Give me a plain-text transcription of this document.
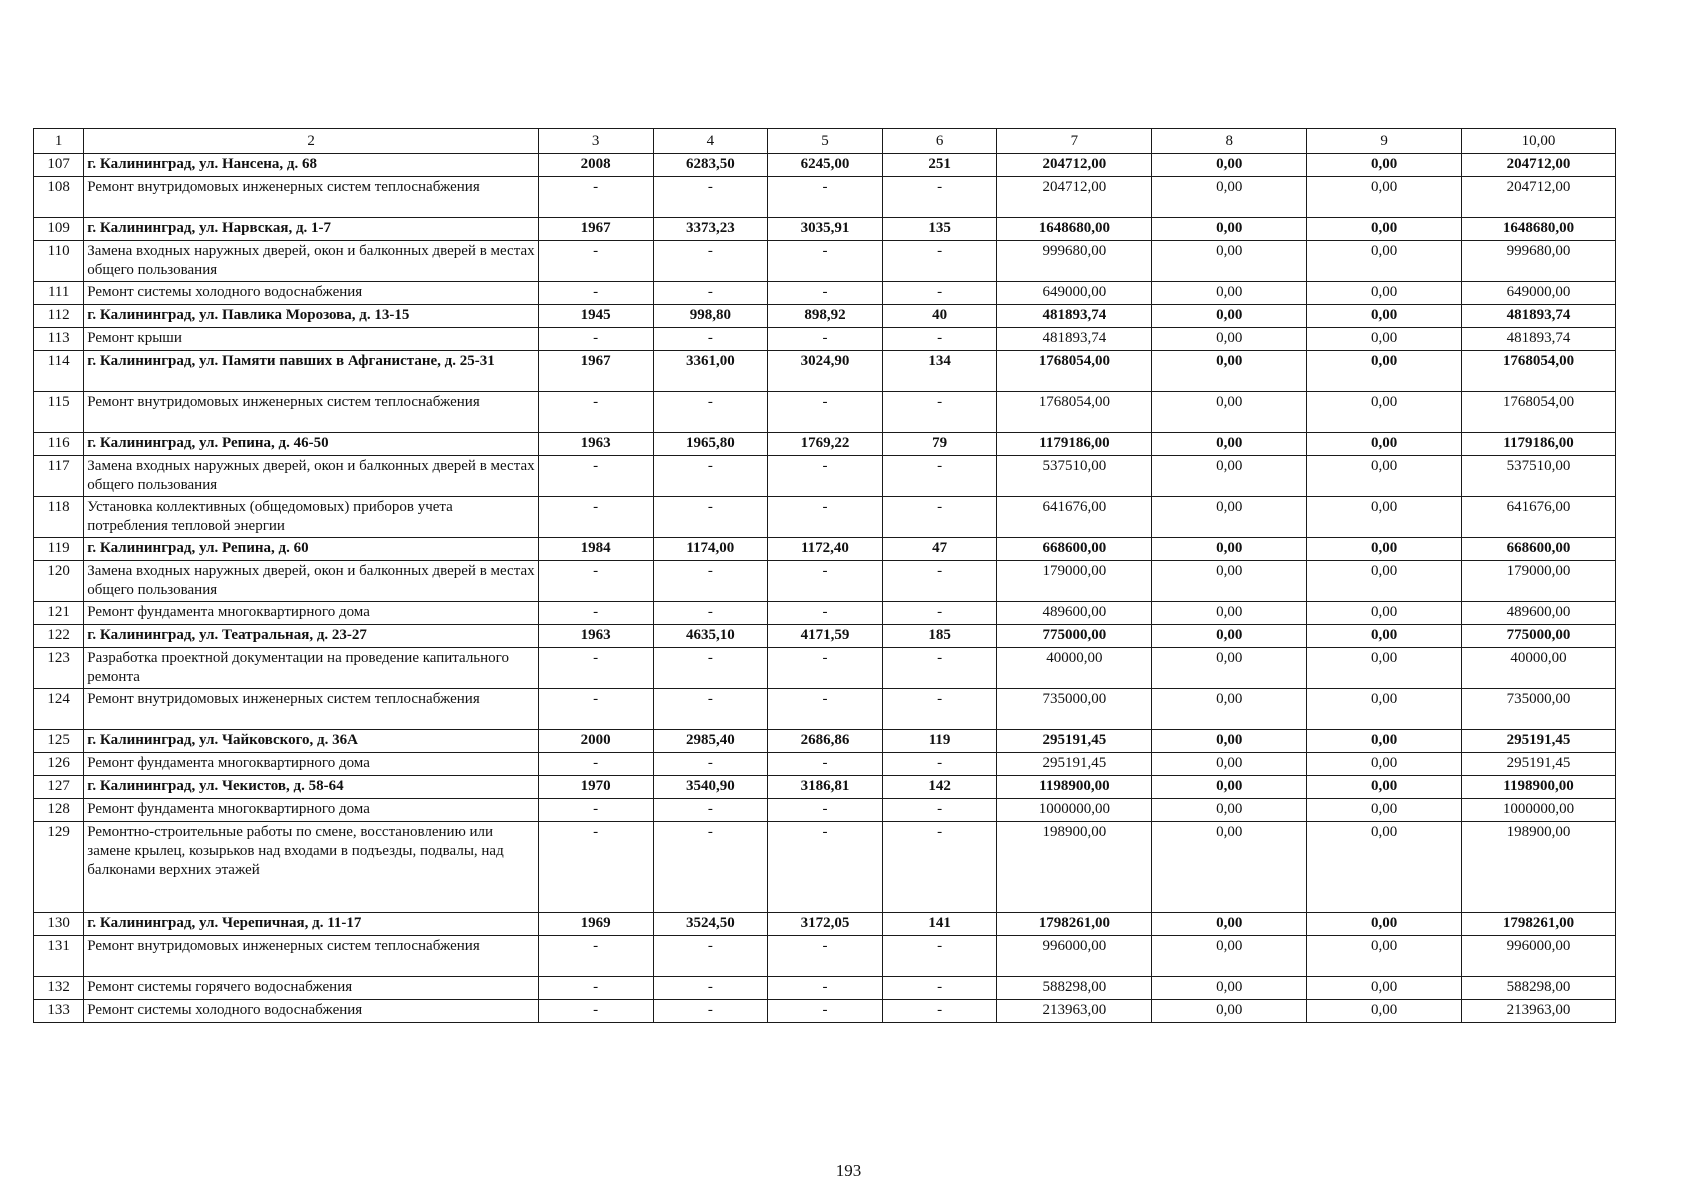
1	2	3	4	5	6	7	8	9	10,00
107	г. Калининград, ул. Нансена, д. 68	2008	6283,50	6245,00	251	204712,00	0,00	0,00	204712,00
108	Ремонт внутридомовых инженерных систем теплоснабжения	-	-	-	-	204712,00	0,00	0,00	204712,00
109	г. Калининград, ул. Нарвская, д. 1-7	1967	3373,23	3035,91	135	1648680,00	0,00	0,00	1648680,00
110	Замена входных наружных дверей, окон и балконных дверей в местах общего пользования	-	-	-	-	999680,00	0,00	0,00	999680,00
111	Ремонт системы холодного водоснабжения	-	-	-	-	649000,00	0,00	0,00	649000,00
112	г. Калининград, ул. Павлика Морозова, д. 13-15	1945	998,80	898,92	40	481893,74	0,00	0,00	481893,74
113	Ремонт крыши	-	-	-	-	481893,74	0,00	0,00	481893,74
114	г. Калининград, ул. Памяти павших в Афганистане, д. 25-31	1967	3361,00	3024,90	134	1768054,00	0,00	0,00	1768054,00
115	Ремонт внутридомовых инженерных систем теплоснабжения	-	-	-	-	1768054,00	0,00	0,00	1768054,00
116	г. Калининград, ул. Репина, д. 46-50	1963	1965,80	1769,22	79	1179186,00	0,00	0,00	1179186,00
117	Замена входных наружных дверей, окон и балконных дверей в местах общего пользования	-	-	-	-	537510,00	0,00	0,00	537510,00
118	Установка коллективных (общедомовых) приборов учета потребления тепловой энергии	-	-	-	-	641676,00	0,00	0,00	641676,00
119	г. Калининград, ул. Репина, д. 60	1984	1174,00	1172,40	47	668600,00	0,00	0,00	668600,00
120	Замена входных наружных дверей, окон и балконных дверей в местах общего пользования	-	-	-	-	179000,00	0,00	0,00	179000,00
121	Ремонт фундамента многоквартирного дома	-	-	-	-	489600,00	0,00	0,00	489600,00
122	г. Калининград, ул. Театральная, д. 23-27	1963	4635,10	4171,59	185	775000,00	0,00	0,00	775000,00
123	Разработка проектной документации на проведение капитального ремонта	-	-	-	-	40000,00	0,00	0,00	40000,00
124	Ремонт внутридомовых инженерных систем теплоснабжения	-	-	-	-	735000,00	0,00	0,00	735000,00
125	г. Калининград, ул. Чайковского, д. 36А	2000	2985,40	2686,86	119	295191,45	0,00	0,00	295191,45
126	Ремонт фундамента многоквартирного дома	-	-	-	-	295191,45	0,00	0,00	295191,45
127	г. Калининград, ул. Чекистов, д. 58-64	1970	3540,90	3186,81	142	1198900,00	0,00	0,00	1198900,00
128	Ремонт фундамента многоквартирного дома	-	-	-	-	1000000,00	0,00	0,00	1000000,00
129	Ремонтно-строительные работы по смене, восстановлению или замене крылец, козырьков над входами в подъезды, подвалы, над балконами верхних этажей	-	-	-	-	198900,00	0,00	0,00	198900,00
130	г. Калининград, ул. Черепичная, д. 11-17	1969	3524,50	3172,05	141	1798261,00	0,00	0,00	1798261,00
131	Ремонт внутридомовых инженерных систем теплоснабжения	-	-	-	-	996000,00	0,00	0,00	996000,00
132	Ремонт системы горячего водоснабжения	-	-	-	-	588298,00	0,00	0,00	588298,00
133	Ремонт системы холодного водоснабжения	-	-	-	-	213963,00	0,00	0,00	213963,00
193
